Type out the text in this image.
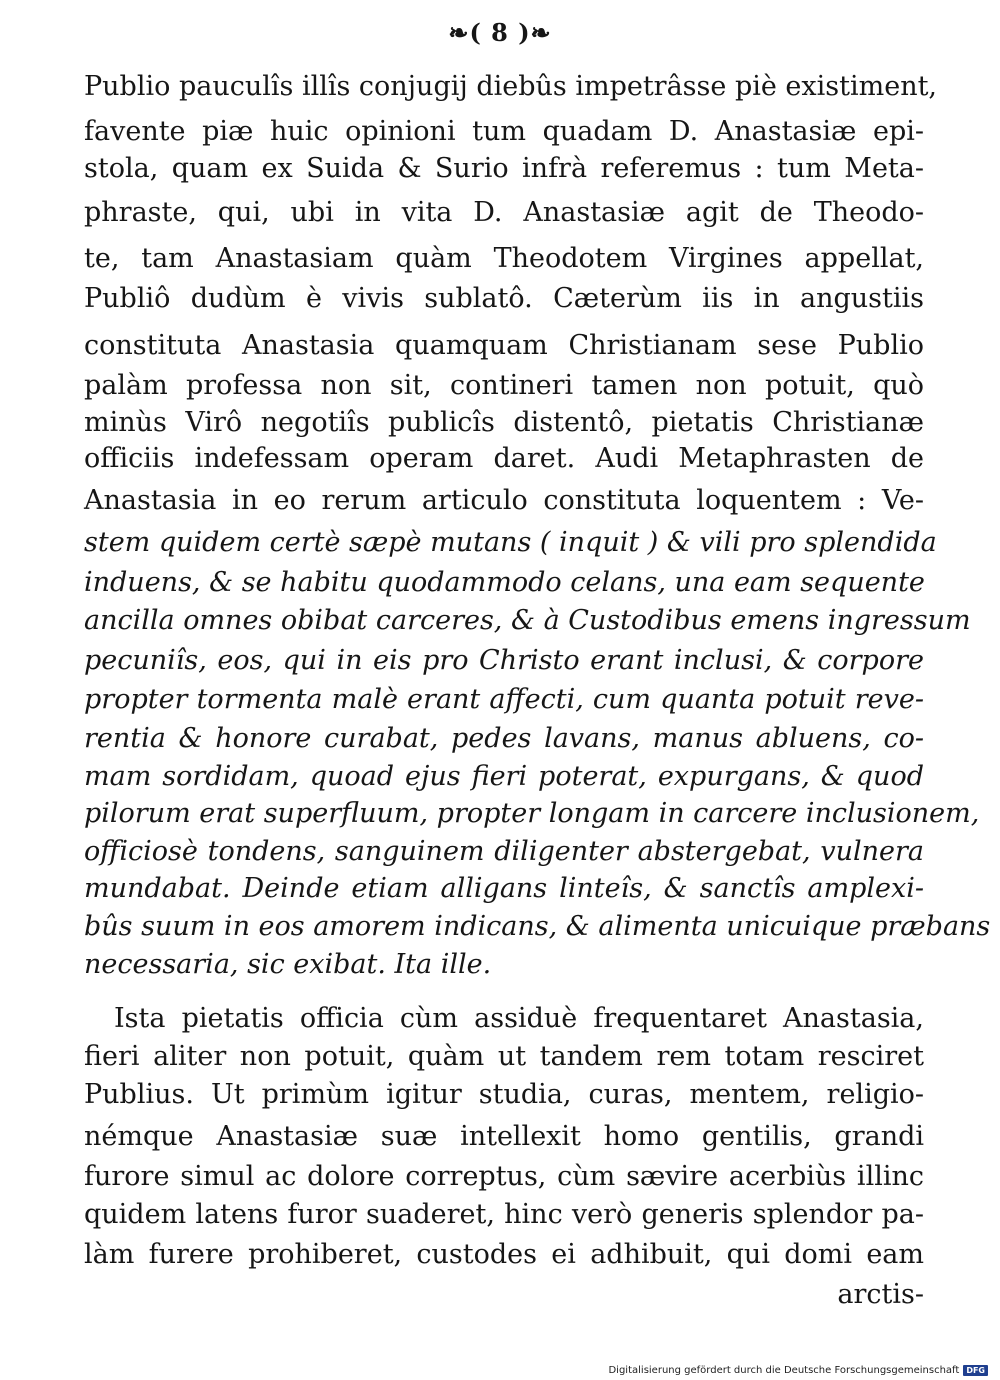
❧( 8 )❧
Publio pauculîs illîs conjugij diebûs impetrâsse piè existiment,
favente piæ huic opinioni tum quadam D. Anastasiæ epi-
stola, quam ex Suida & Surio infrà referemus : tum Meta-
phraste, qui, ubi in vita D. Anastasiæ agit de Theodo-
te, tam Anastasiam quàm Theodotem Virgines appellat,
Publiô dudùm è vivis sublatô. Cæterùm iis in angustiis
constituta Anastasia quamquam Christianam sese Publio
palàm professa non sit, contineri tamen non potuit, quò
minùs Virô negotiîs publicîs distentô, pietatis Christianæ
officiis indefessam operam daret. Audi Metaphrasten de
Anastasia in eo rerum articulo constituta loquentem : Ve-
stem quidem certè sæpè mutans ( inquit ) & vili pro splendida
induens, & se habitu quodammodo celans, una eam sequente
ancilla omnes obibat carceres, & à Custodibus emens ingressum
pecuniîs, eos, qui in eis pro Christo erant inclusi, & corpore
propter tormenta malè erant affecti, cum quanta potuit reve-
rentia & honore curabat, pedes lavans, manus abluens, co-
mam sordidam, quoad ejus fieri poterat, expurgans, & quod
pilorum erat superfluum, propter longam in carcere inclusionem,
officiosè tondens, sanguinem diligenter abstergebat, vulnera
mundabat. Deinde etiam alligans linteîs, & sanctîs amplexi-
bûs suum in eos amorem indicans, & alimenta unicuique præbans
necessaria, sic exibat. Ita ille.
Ista pietatis officia cùm assiduè frequentaret Anastasia,
fieri aliter non potuit, quàm ut tandem rem totam resciret
Publius. Ut primùm igitur studia, curas, mentem, religio-
némque Anastasiæ suæ intellexit homo gentilis, grandi
furore simul ac dolore correptus, cùm sævire acerbiùs illinc
quidem latens furor suaderet, hinc verò generis splendor pa-
làm furere prohiberet, custodes ei adhibuit, qui domi eam
arctis-
Digitalisierung gefördert durch die Deutsche Forschungsgemeinschaft DFG
